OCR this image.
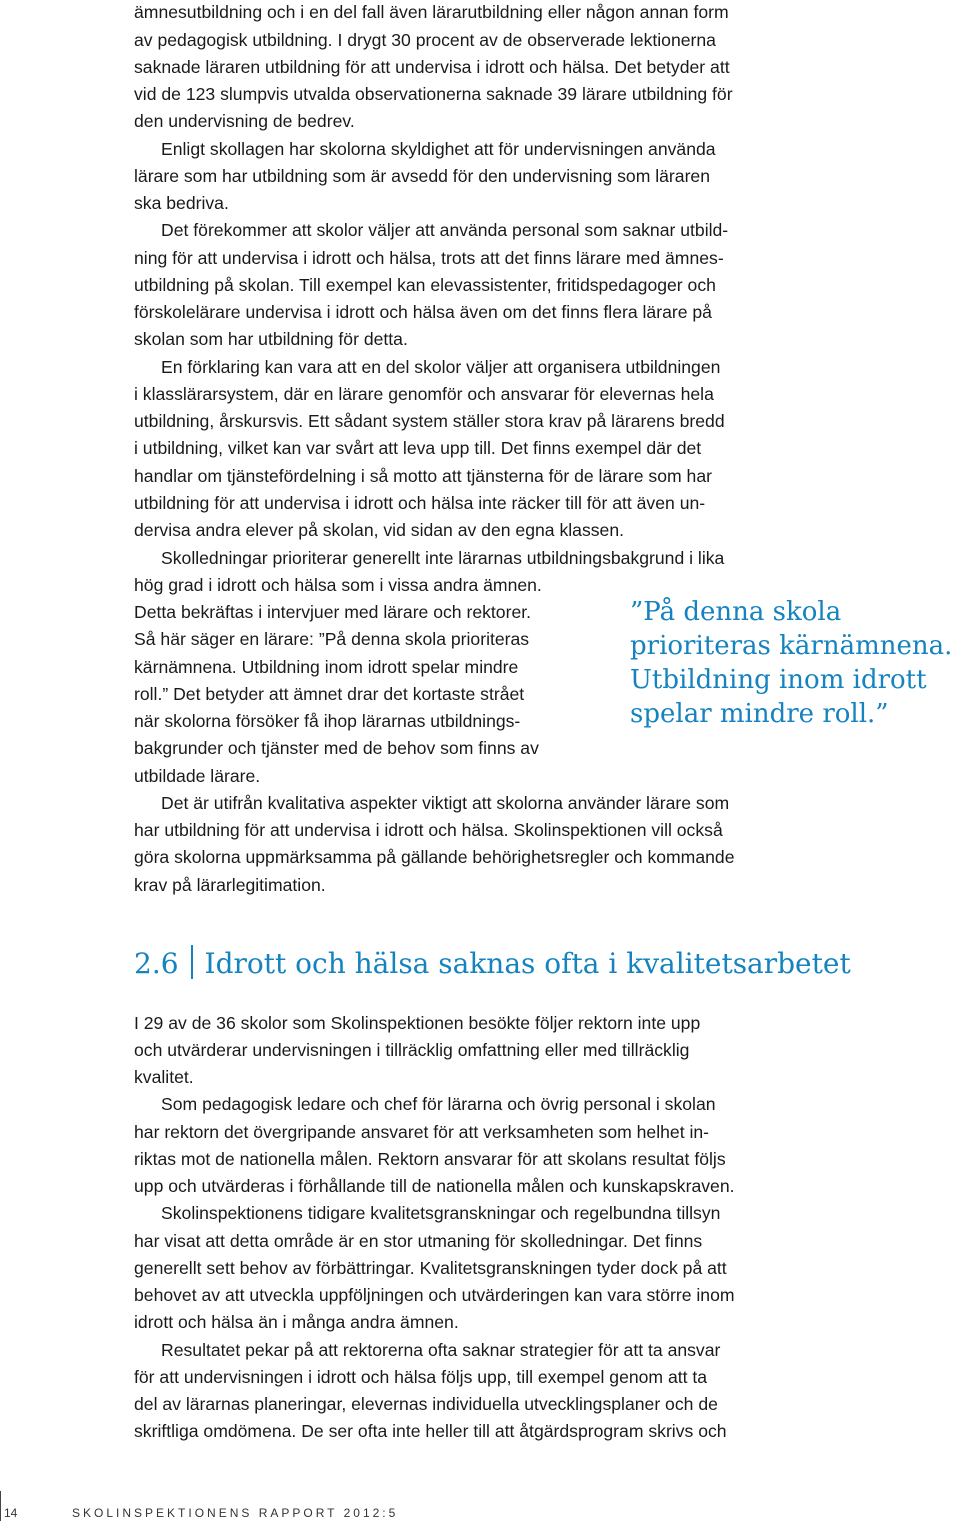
ämnesutbildning och i en del fall även lärarutbildning eller någon annan form
av pedagogisk utbildning. I drygt 30 procent av de observerade lektionerna
saknade läraren utbildning för att undervisa i idrott och hälsa. Det betyder att
vid de 123 slumpvis utvalda observationerna saknade 39 lärare utbildning för
den undervisning de bedrev.
Enligt skollagen har skolorna skyldighet att för undervisningen använda
lärare som har utbildning som är avsedd för den undervisning som läraren
ska bedriva.
Det förekommer att skolor väljer att använda personal som saknar utbild-
ning för att undervisa i idrott och hälsa, trots att det finns lärare med ämnes-
utbildning på skolan. Till exempel kan elevassistenter, fritidspedagoger och
förskolelärare undervisa i idrott och hälsa även om det finns flera lärare på
skolan som har utbildning för detta.
En förklaring kan vara att en del skolor väljer att organisera utbildningen
i klasslärarsystem, där en lärare genomför och ansvarar för elevernas hela
utbildning, årskursvis. Ett sådant system ställer stora krav på lärarens bredd
i utbildning, vilket kan var svårt att leva upp till. Det finns exempel där det
handlar om tjänstefördelning i så motto att tjänsterna för de lärare som har
utbildning för att undervisa i idrott och hälsa inte räcker till för att även un-
dervisa andra elever på skolan, vid sidan av den egna klassen.
Skolledningar prioriterar generellt inte lärarnas utbildningsbakgrund i lika
hög grad i idrott och hälsa som i vissa andra ämnen.
Detta bekräftas i intervjuer med lärare och rektorer.
Så här säger en lärare: ”På denna skola prioriteras
kärnämnena. Utbildning inom idrott spelar mindre
roll.” Det betyder att ämnet drar det kortaste strået
när skolorna försöker få ihop lärarnas utbildnings-
bakgrunder och tjänster med de behov som finns av
utbildade lärare.
Det är utifrån kvalitativa aspekter viktigt att skolorna använder lärare som
har utbildning för att undervisa i idrott och hälsa. Skolinspektionen vill också
göra skolorna uppmärksamma på gällande behörighetsregler och kommande
krav på lärarlegitimation.
”På denna skola
prioriteras kärnämnena.
Utbildning inom idrott
spelar mindre roll.”
2.6 Idrott och hälsa saknas ofta i kvalitetsarbetet
I 29 av de 36 skolor som Skolinspektionen besökte följer rektorn inte upp
och utvärderar undervisningen i tillräcklig omfattning eller med tillräcklig
kvalitet.
Som pedagogisk ledare och chef för lärarna och övrig personal i skolan
har rektorn det övergripande ansvaret för att verksamheten som helhet in-
riktas mot de nationella målen. Rektorn ansvarar för att skolans resultat följs
upp och utvärderas i förhållande till de nationella målen och kunskapskraven.
Skolinspektionens tidigare kvalitetsgranskningar och regelbundna tillsyn
har visat att detta område är en stor utmaning för skolledningar. Det finns
generellt sett behov av förbättringar. Kvalitetsgranskningen tyder dock på att
behovet av att utveckla uppföljningen och utvärderingen kan vara större inom
idrott och hälsa än i många andra ämnen.
Resultatet pekar på att rektorerna ofta saknar strategier för att ta ansvar
för att undervisningen i idrott och hälsa följs upp, till exempel genom att ta
del av lärarnas planeringar, elevernas individuella utvecklingsplaner och de
skriftliga omdömena. De ser ofta inte heller till att åtgärdsprogram skrivs och
14	SKOLINSPEKTIONENS RAPPORT 2012:5
